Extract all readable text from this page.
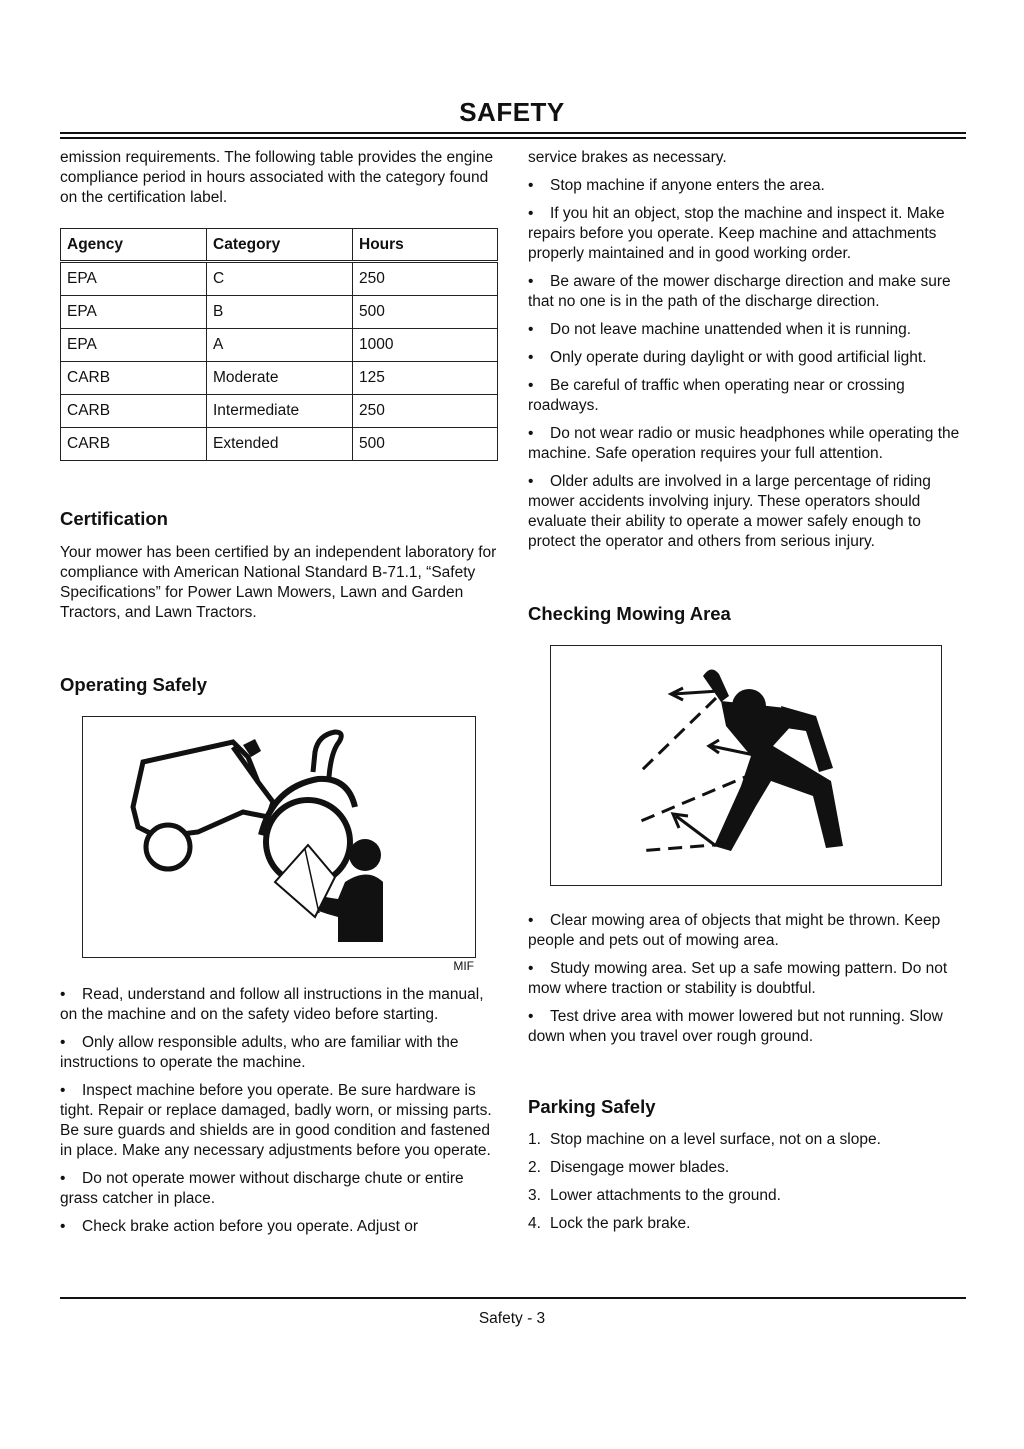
SAFETY

emission requirements. The following table provides the engine compliance period in hours associated with the category found on the certification label.

Agency	Category	Hours
EPA	C	250
EPA	B	500
EPA	A	1000
CARB	Moderate	125
CARB	Intermediate	250
CARB	Extended	500
Certification

Your mower has been certified by an independent laboratory for compliance with American National Standard B-71.1, “Safety Specifications” for Power Lawn Mowers, Lawn and Garden Tractors, and Lawn Tractors.

Operating Safely
MIF

• Read, understand and follow all instructions in the manual, on the machine and on the safety video before starting.

• Only allow responsible adults, who are familiar with the instructions to operate the machine.

• Inspect machine before you operate. Be sure hardware is tight. Repair or replace damaged, badly worn, or missing parts. Be sure guards and shields are in good condition and fastened in place. Make any necessary adjustments before you operate.

• Do not operate mower without discharge chute or entire grass catcher in place.

• Check brake action before you operate. Adjust or

service brakes as necessary.

• Stop machine if anyone enters the area.

• If you hit an object, stop the machine and inspect it. Make repairs before you operate. Keep machine and attachments properly maintained and in good working order.

• Be aware of the mower discharge direction and make sure that no one is in the path of the discharge direction.

• Do not leave machine unattended when it is running.

• Only operate during daylight or with good artificial light.

• Be careful of traffic when operating near or crossing roadways.

• Do not wear radio or music headphones while operating the machine. Safe operation requires your full attention.

• Older adults are involved in a large percentage of riding mower accidents involving injury. These operators should evaluate their ability to operate a mower safely enough to protect the operator and others from serious injury.

Checking Mowing Area

• Clear mowing area of objects that might be thrown. Keep people and pets out of mowing area.

• Study mowing area. Set up a safe mowing pattern. Do not mow where traction or stability is doubtful.

• Test drive area with mower lowered but not running. Slow down when you travel over rough ground.

Parking Safely

1. Stop machine on a level surface, not on a slope.

2. Disengage mower blades.

3. Lower attachments to the ground.

4. Lock the park brake.

Safety - 3
